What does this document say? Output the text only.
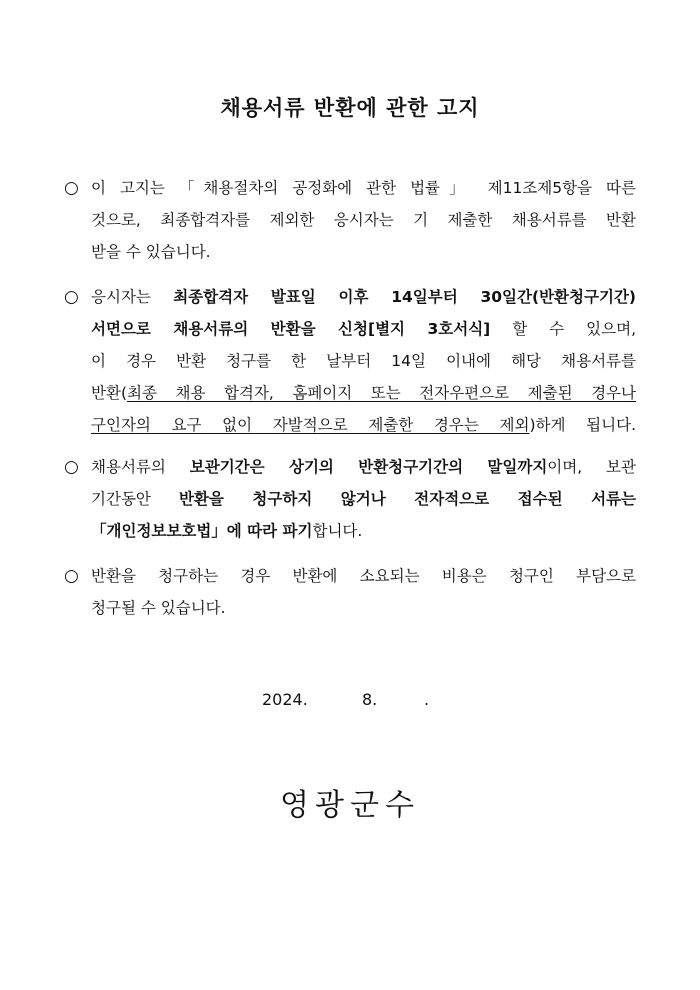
채용서류 반환에 관한 고지
○ 이 고지는 「채용절차의 공정화에 관한 법률」 제11조제5항을 따른
것으로, 최종합격자를 제외한 응시자는 기 제출한 채용서류를 반환
받을 수 있습니다.
○ 응시자는 최종합격자 발표일 이후 14일부터 30일간(반환청구기간)
서면으로 채용서류의 반환을 신청[별지 3호서식] 할 수 있으며,
이 경우 반환 청구를 한 날부터 14일 이내에 해당 채용서류를
반환(최종 채용 합격자, 홈페이지 또는 전자우편으로 제출된 경우나
구인자의 요구 없이 자발적으로 제출한 경우는 제외)하게 됩니다.
○ 채용서류의 보관기간은 상기의 반환청구기간의 말일까지이며, 보관
기간동안 반환을 청구하지 않거나 전자적으로 접수된 서류는
「개인정보보호법」에 따라 파기합니다.
○ 반환을 청구하는 경우 반환에 소요되는 비용은 청구인 부담으로
청구될 수 있습니다.
2024.	8.	.
영광군수
